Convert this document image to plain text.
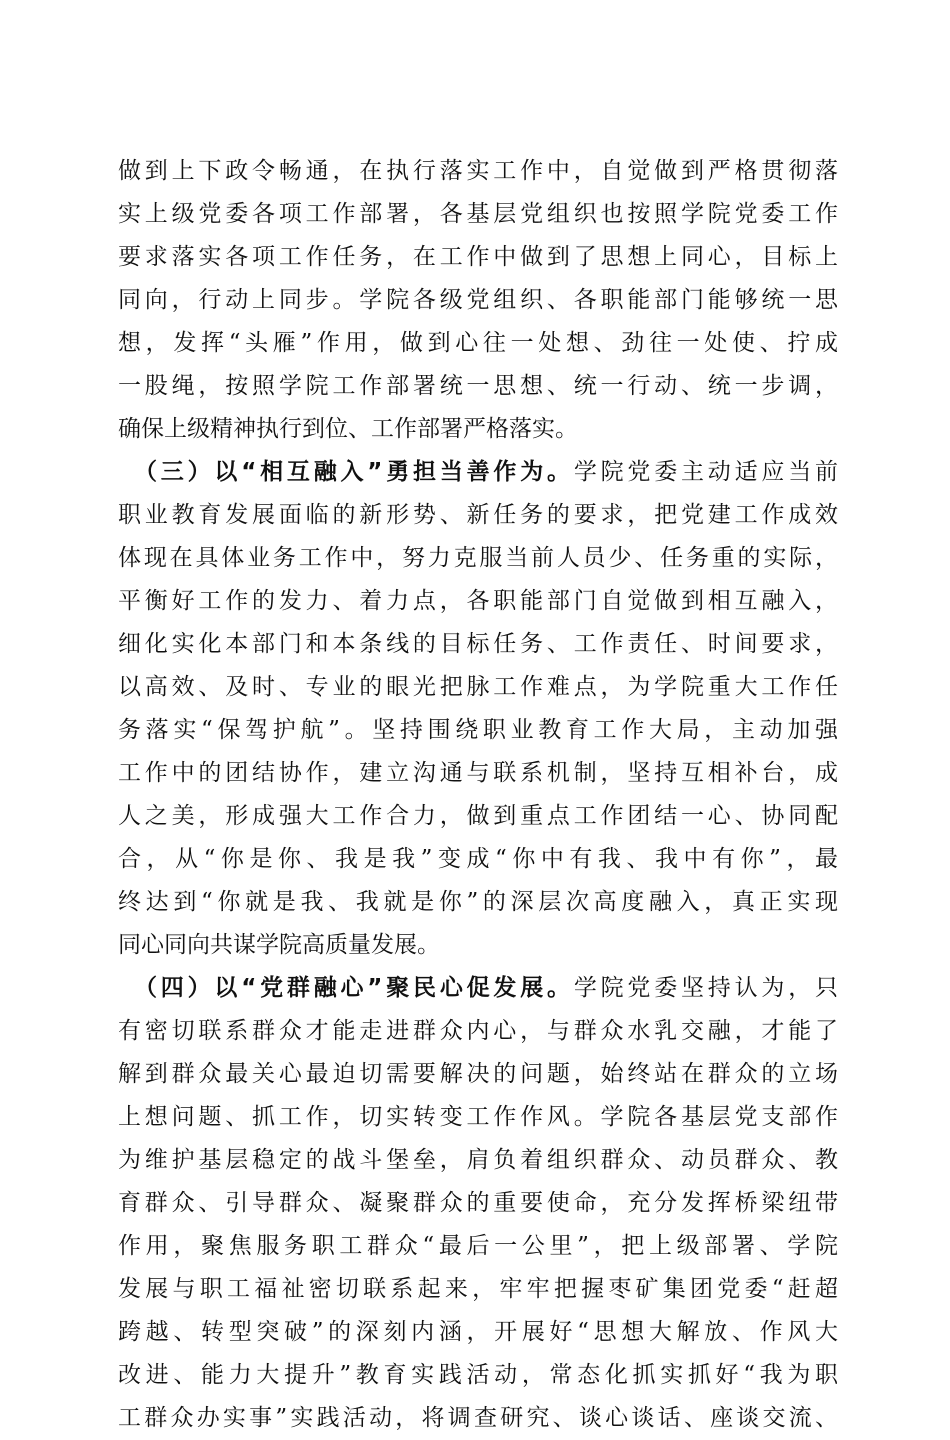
做到上下政令畅通，在执行落实工作中，自觉做到严格贯彻落
实上级党委各项工作部署，各基层党组织也按照学院党委工作
要求落实各项工作任务，在工作中做到了思想上同心，目标上
同向，行动上同步。学院各级党组织、各职能部门能够统一思
想，发挥“头雁”作用，做到心往一处想、劲往一处使、拧成
一股绳，按照学院工作部署统一思想、统一行动、统一步调，
确保上级精神执行到位、工作部署严格落实。
（三）以“相互融入”勇担当善作为。学院党委主动适应当前
职业教育发展面临的新形势、新任务的要求，把党建工作成效
体现在具体业务工作中，努力克服当前人员少、任务重的实际，
平衡好工作的发力、着力点，各职能部门自觉做到相互融入，
细化实化本部门和本条线的目标任务、工作责任、时间要求，
以高效、及时、专业的眼光把脉工作难点，为学院重大工作任
务落实“保驾护航”。坚持围绕职业教育工作大局，主动加强
工作中的团结协作，建立沟通与联系机制，坚持互相补台，成
人之美，形成强大工作合力，做到重点工作团结一心、协同配
合，从“你是你、我是我”变成“你中有我、我中有你”，最
终达到“你就是我、我就是你”的深层次高度融入，真正实现
同心同向共谋学院高质量发展。
（四）以“党群融心”聚民心促发展。学院党委坚持认为，只
有密切联系群众才能走进群众内心，与群众水乳交融，才能了
解到群众最关心最迫切需要解决的问题，始终站在群众的立场
上想问题、抓工作，切实转变工作作风。学院各基层党支部作
为维护基层稳定的战斗堡垒，肩负着组织群众、动员群众、教
育群众、引导群众、凝聚群众的重要使命，充分发挥桥梁纽带
作用，聚焦服务职工群众“最后一公里”，把上级部署、学院
发展与职工福祉密切联系起来，牢牢把握枣矿集团党委“赶超
跨越、转型突破”的深刻内涵，开展好“思想大解放、作风大
改进、能力大提升”教育实践活动，常态化抓实抓好“我为职
工群众办实事”实践活动，将调查研究、谈心谈话、座谈交流、
